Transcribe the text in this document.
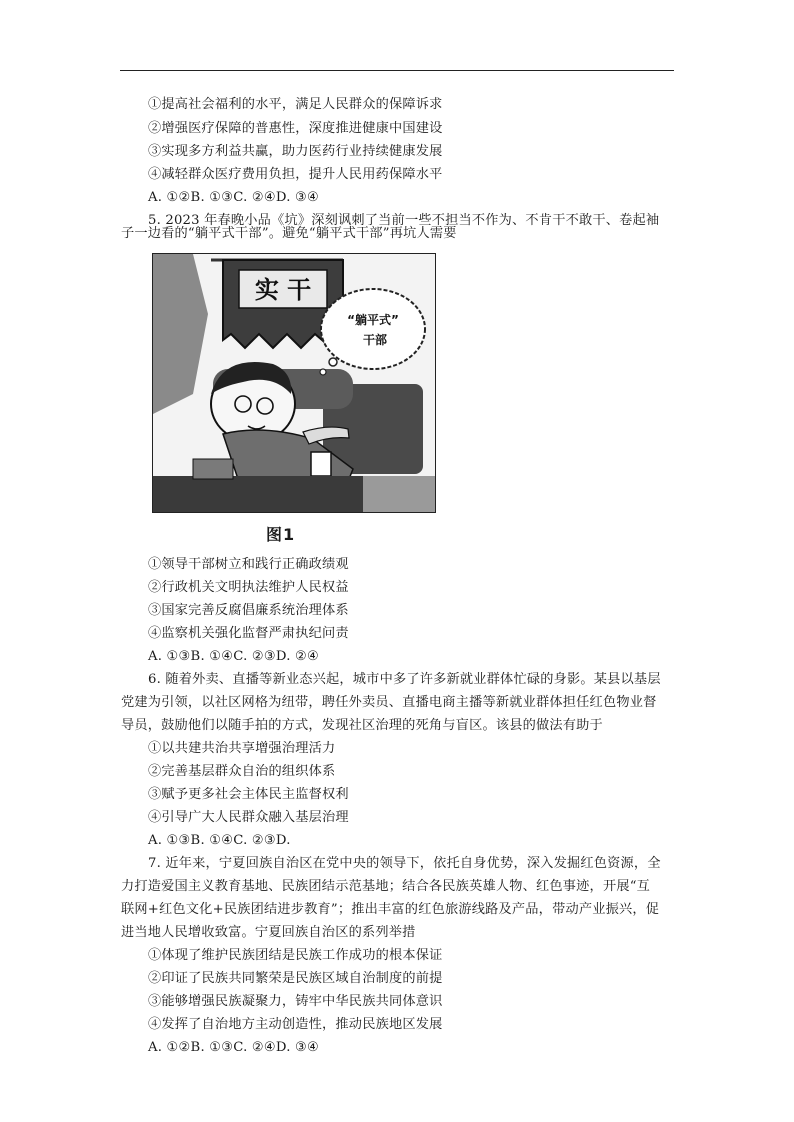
①提高社会福利的水平，满足人民群众的保障诉求
②增强医疗保障的普惠性，深度推进健康中国建设
③实现多方利益共赢，助力医药行业持续健康发展
④减轻群众医疗费用负担，提升人民用药保障水平
A. ①②B. ①③C. ②④D. ③④
5. 2023 年春晚小品《坑》深刻讽刺了当前一些不担当不作为、不肯干不敢干、卷起袖
子一边看的“躺平式干部”。避免“躺平式干部”再坑人需要
实 干
“躺平式”
干部
图1
①领导干部树立和践行正确政绩观
②行政机关文明执法维护人民权益
③国家完善反腐倡廉系统治理体系
④监察机关强化监督严肃执纪问责
A. ①③B. ①④C. ②③D. ②④
6. 随着外卖、直播等新业态兴起，城市中多了许多新就业群体忙碌的身影。某县以基层
党建为引领，以社区网格为纽带，聘任外卖员、直播电商主播等新就业群体担任红色物业督
导员，鼓励他们以随手拍的方式，发现社区治理的死角与盲区。该县的做法有助于
①以共建共治共享增强治理活力
②完善基层群众自治的组织体系
③赋予更多社会主体民主监督权利
④引导广大人民群众融入基层治理
A. ①③B. ①④C. ②③D.
7. 近年来，宁夏回族自治区在党中央的领导下，依托自身优势，深入发掘红色资源，全
力打造爱国主义教育基地、民族团结示范基地；结合各民族英雄人物、红色事迹，开展“互
联网+红色文化+民族团结进步教育”；推出丰富的红色旅游线路及产品，带动产业振兴，促
进当地人民增收致富。宁夏回族自治区的系列举措
①体现了维护民族团结是民族工作成功的根本保证
②印证了民族共同繁荣是民族区域自治制度的前提
③能够增强民族凝聚力，铸牢中华民族共同体意识
④发挥了自治地方主动创造性，推动民族地区发展
A. ①②B. ①③C. ②④D. ③④
